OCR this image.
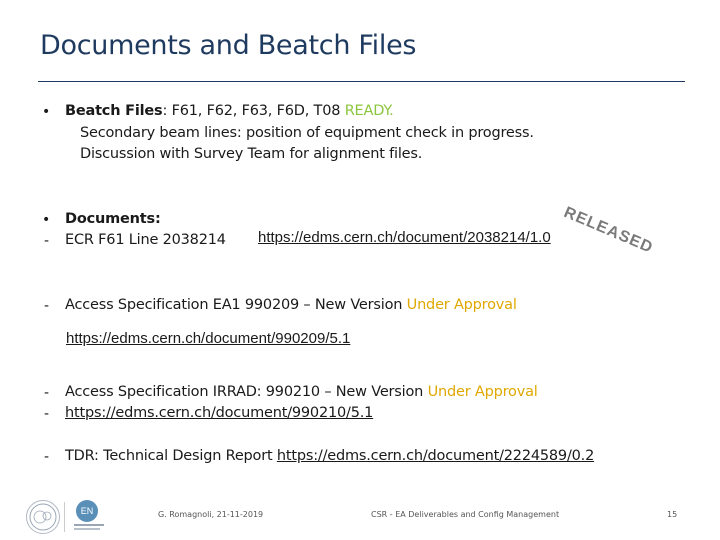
Documents and Beatch Files
• Beatch Files: F61, F62, F63, F6D, T08 READY.
Secondary beam lines: position of equipment check in progress.
Discussion with Survey Team for alignment files.
• Documents:
- ECR F61 Line 2038214 https://edms.cern.ch/document/2038214/1.0 RELEASED
- Access Specification EA1 990209 – New Version Under Approval
https://edms.cern.ch/document/990209/5.1
- Access Specification IRRAD: 990210 – New Version Under Approval
- https://edms.cern.ch/document/990210/5.1
- TDR: Technical Design Report https://edms.cern.ch/document/2224589/0.2
EN	G. Romagnoli, 21-11-2019	CSR - EA Deliverables and Config Management	15
